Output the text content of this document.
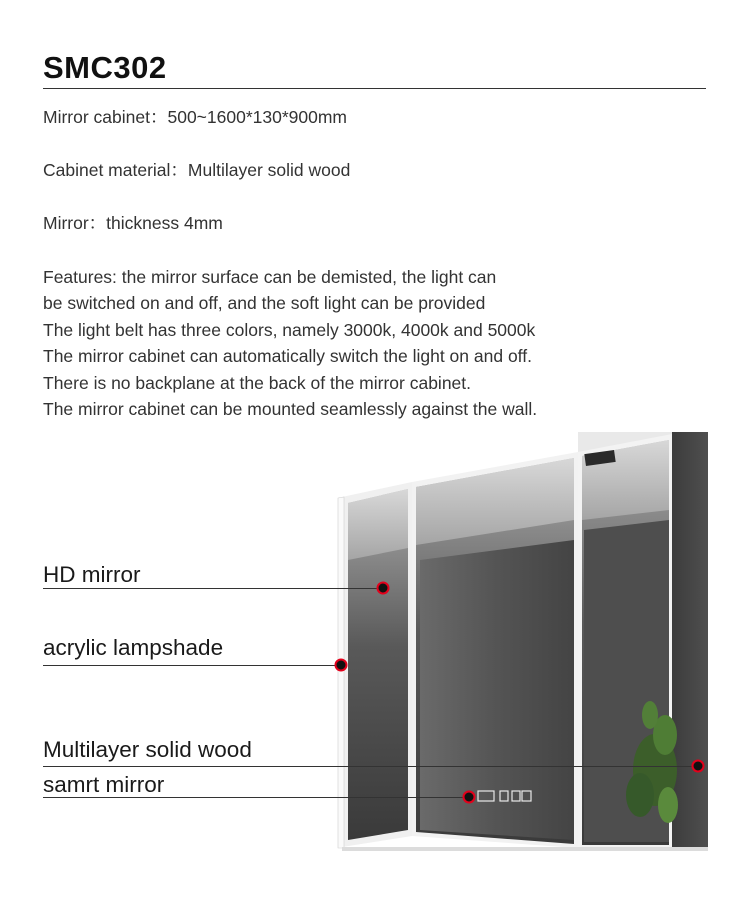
SMC302
Mirror cabinet：500~1600*130*900mm
Cabinet material：Multilayer solid wood
Mirror：thickness 4mm
Features: the mirror surface can be demisted, the light can
be switched on and off, and the soft light can be provided
The light belt has three colors, namely 3000k, 4000k and 5000k
The mirror cabinet can automatically switch the light on and off.
There is no backplane at the back of the mirror cabinet.
The mirror cabinet can be mounted seamlessly against the wall.
HD mirror
acrylic lampshade
Multilayer solid wood
samrt mirror
